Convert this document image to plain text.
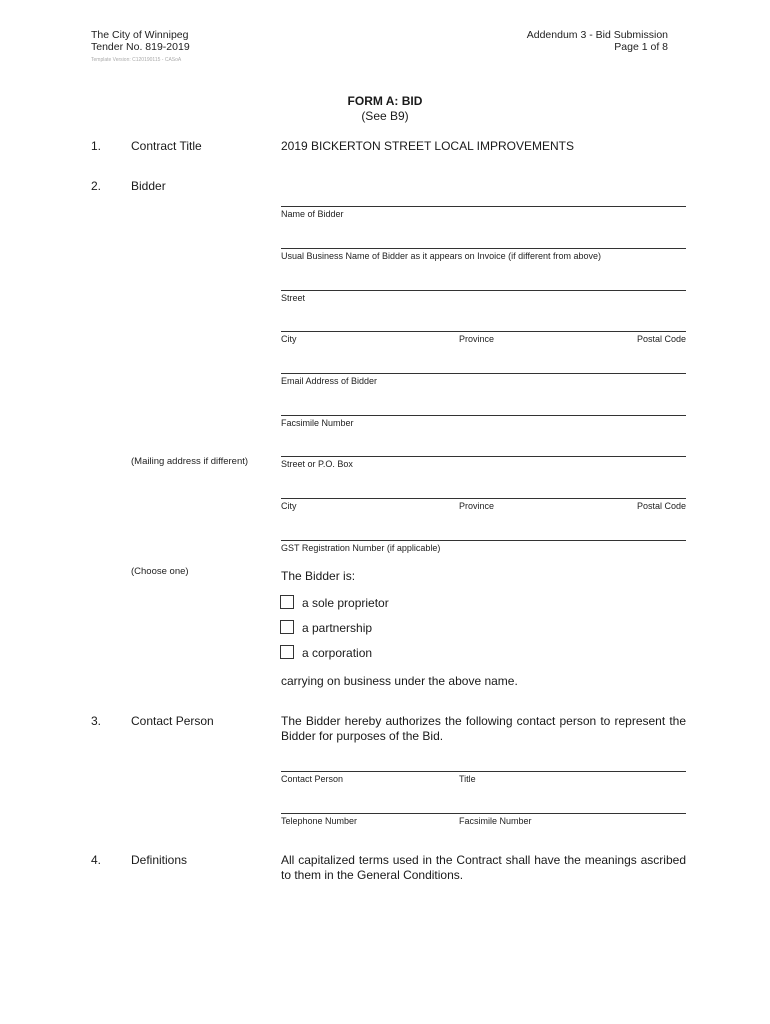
The City of Winnipeg
Tender No. 819-2019
Template Version: C120190115 - CASoA
Addendum 3 - Bid Submission
Page 1 of 8
FORM A: BID
(See B9)
1. Contract Title	2019 BICKERTON STREET LOCAL IMPROVEMENTS
2. Bidder
Name of Bidder
Usual Business Name of Bidder as it appears on Invoice (if different from above)
Street
City	Province	Postal Code
Email Address of Bidder
Facsimile Number
(Mailing address if different)	Street or P.O. Box
City	Province	Postal Code
GST Registration Number (if applicable)
(Choose one)	The Bidder is:
a sole proprietor
a partnership
a corporation
carrying on business under the above name.
3. Contact Person	The Bidder hereby authorizes the following contact person to represent the Bidder for purposes of the Bid.
Contact Person	Title
Telephone Number	Facsimile Number
4. Definitions	All capitalized terms used in the Contract shall have the meanings ascribed to them in the General Conditions.
